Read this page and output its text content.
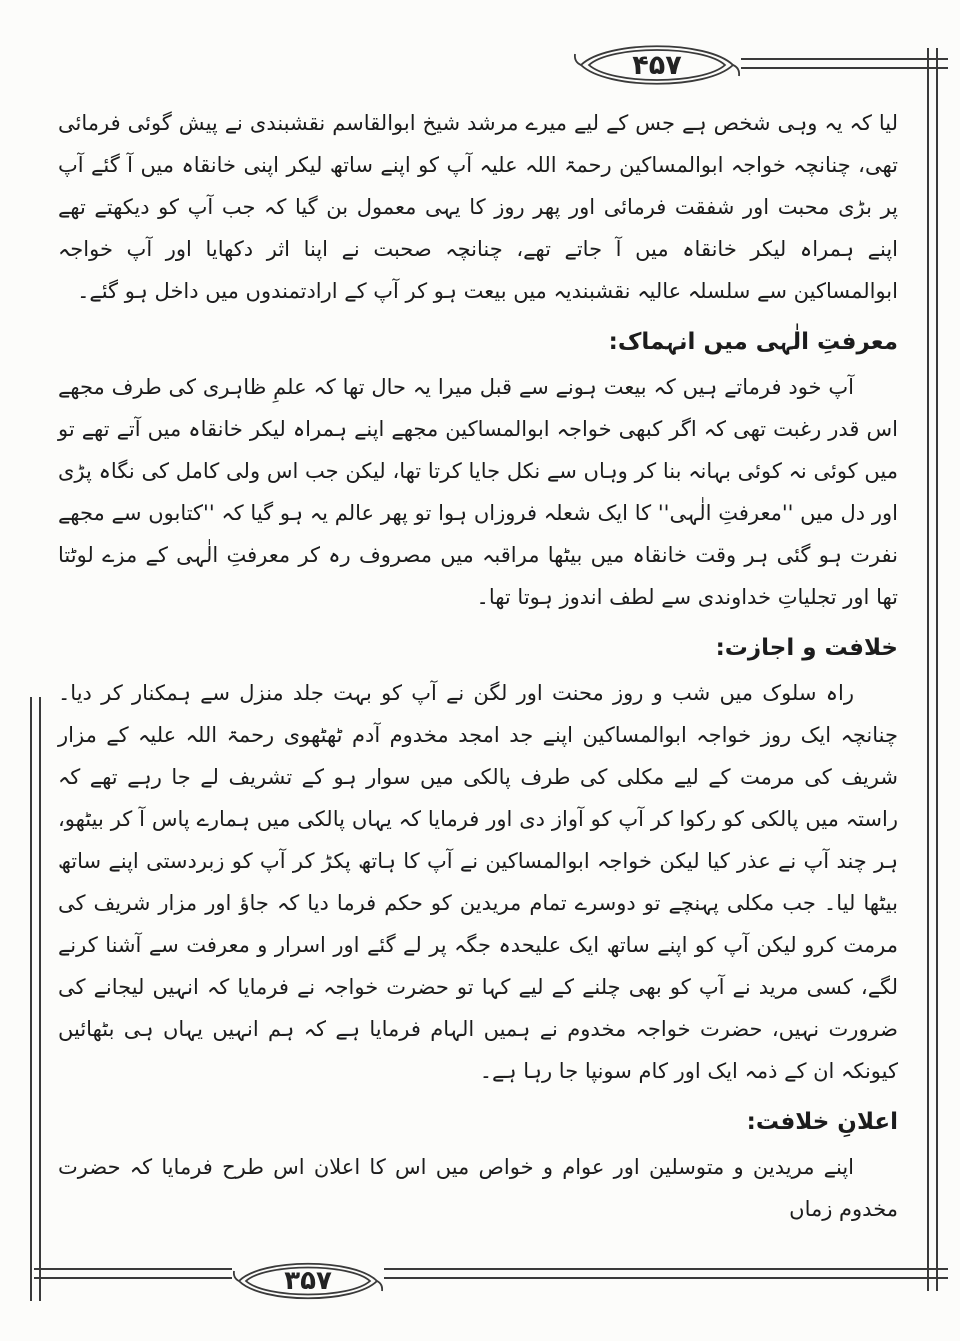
۴۵۷
۳۵۷

لیا کہ یہ وہی شخص ہے جس کے لیے میرے مرشد شیخ ابوالقاسم نقشبندی نے پیش گوئی فرمائی تھی، چنانچہ خواجہ ابوالمساکین رحمۃ اللہ علیہ آپ کو اپنے ساتھ لیکر اپنی خانقاہ میں آ گئے آپ پر بڑی محبت اور شفقت فرمائی اور پھر روز کا یہی معمول بن گیا کہ جب آپ کو دیکھتے تھے اپنے ہمراہ لیکر خانقاہ میں آ جاتے تھے، چنانچہ صحبت نے اپنا اثر دکھایا اور آپ خواجہ ابوالمساکین سے سلسلہ عالیہ نقشبندیہ میں بیعت ہو کر آپ کے ارادتمندوں میں داخل ہو گئے۔

معرفتِ الٰہی میں انہماک:

آپ خود فرماتے ہیں کہ بیعت ہونے سے قبل میرا یہ حال تھا کہ علمِ ظاہری کی طرف مجھے اس قدر رغبت تھی کہ اگر کبھی خواجہ ابوالمساکین مجھے اپنے ہمراہ لیکر خانقاہ میں آتے تھے تو میں کوئی نہ کوئی بہانہ بنا کر وہاں سے نکل جایا کرتا تھا، لیکن جب اس ولی کامل کی نگاہ پڑی اور دل میں ''معرفتِ الٰہی'' کا ایک شعلہ فروزاں ہوا تو پھر عالم یہ ہو گیا کہ ''کتابوں سے مجھے نفرت ہو گئی ہر وقت خانقاہ میں بیٹھا مراقبہ میں مصروف رہ کر معرفتِ الٰہی کے مزے لوٹتا تھا اور تجلیاتِ خداوندی سے لطف اندوز ہوتا تھا۔

خلافت و اجازت:

راہ سلوک میں شب و روز محنت اور لگن نے آپ کو بہت جلد منزل سے ہمکنار کر دیا۔ چنانچہ ایک روز خواجہ ابوالمساکین اپنے جد امجد مخدوم آدم ٹھٹھوی رحمۃ اللہ علیہ کے مزار شریف کی مرمت کے لیے مکلی کی طرف پالکی میں سوار ہو کے تشریف لے جا رہے تھے کہ راستہ میں پالکی کو رکوا کر آپ کو آواز دی اور فرمایا کہ یہاں پالکی میں ہمارے پاس آ کر بیٹھو، ہر چند آپ نے عذر کیا لیکن خواجہ ابوالمساکین نے آپ کا ہاتھ پکڑ کر آپ کو زبردستی اپنے ساتھ بیٹھا لیا۔ جب مکلی پہنچے تو دوسرے تمام مریدین کو حکم فرما دیا کہ جاؤ اور مزار شریف کی مرمت کرو لیکن آپ کو اپنے ساتھ ایک علیحدہ جگہ پر لے گئے اور اسرار و معرفت سے آشنا کرنے لگے، کسی مرید نے آپ کو بھی چلنے کے لیے کہا تو حضرت خواجہ نے فرمایا کہ انہیں لیجانے کی ضرورت نہیں، حضرت خواجہ مخدوم نے ہمیں الہام فرمایا ہے کہ ہم انہیں یہاں ہی بٹھائیں کیونکہ ان کے ذمہ ایک اور کام سونپا جا رہا ہے۔

اعلانِ خلافت:

اپنے مریدین و متوسلین اور عوام و خواص میں اس کا اعلان اس طرح فرمایا کہ حضرت مخدوم زماں
